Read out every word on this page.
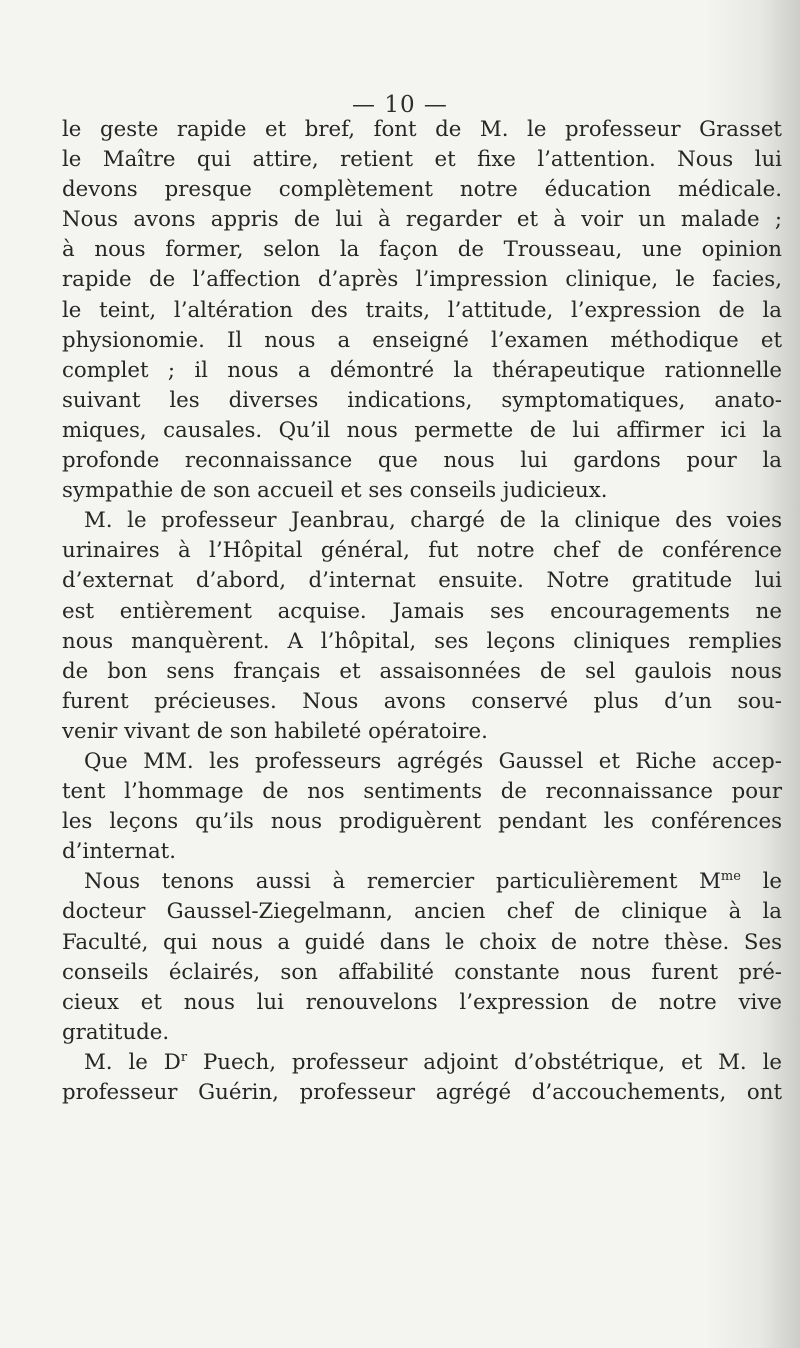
— 10 —
le geste rapide et bref, font de M. le professeur Grasset
le Maître qui attire, retient et fixe l’attention. Nous lui
devons presque complètement notre éducation médicale.
Nous avons appris de lui à regarder et à voir un malade ;
à nous former, selon la façon de Trousseau, une opinion
rapide de l’affection d’après l’impression clinique, le facies,
le teint, l’altération des traits, l’attitude, l’expression de la
physionomie. Il nous a enseigné l’examen méthodique et
complet ; il nous a démontré la thérapeutique rationnelle
suivant les diverses indications, symptomatiques, anato-
miques, causales. Qu’il nous permette de lui affirmer ici la
profonde reconnaissance que nous lui gardons pour la
sympathie de son accueil et ses conseils judicieux.
M. le professeur Jeanbrau, chargé de la clinique des voies
urinaires à l’Hôpital général, fut notre chef de conférence
d’externat d’abord, d’internat ensuite. Notre gratitude lui
est entièrement acquise. Jamais ses encouragements ne
nous manquèrent. A l’hôpital, ses leçons cliniques remplies
de bon sens français et assaisonnées de sel gaulois nous
furent précieuses. Nous avons conservé plus d’un sou-
venir vivant de son habileté opératoire.
Que MM. les professeurs agrégés Gaussel et Riche accep-
tent l’hommage de nos sentiments de reconnaissance pour
les leçons qu’ils nous prodiguèrent pendant les conférences
d’internat.
Nous tenons aussi à remercier particulièrement $M^{me}$ le
docteur Gaussel-Ziegelmann, ancien chef de clinique à la
Faculté, qui nous a guidé dans le choix de notre thèse. Ses
conseils éclairés, son affabilité constante nous furent pré-
cieux et nous lui renouvelons l’expression de notre vive
gratitude.
M. le $D^r$ Puech, professeur adjoint d’obstétrique, et M. le
professeur Guérin, professeur agrégé d’accouchements, ont
